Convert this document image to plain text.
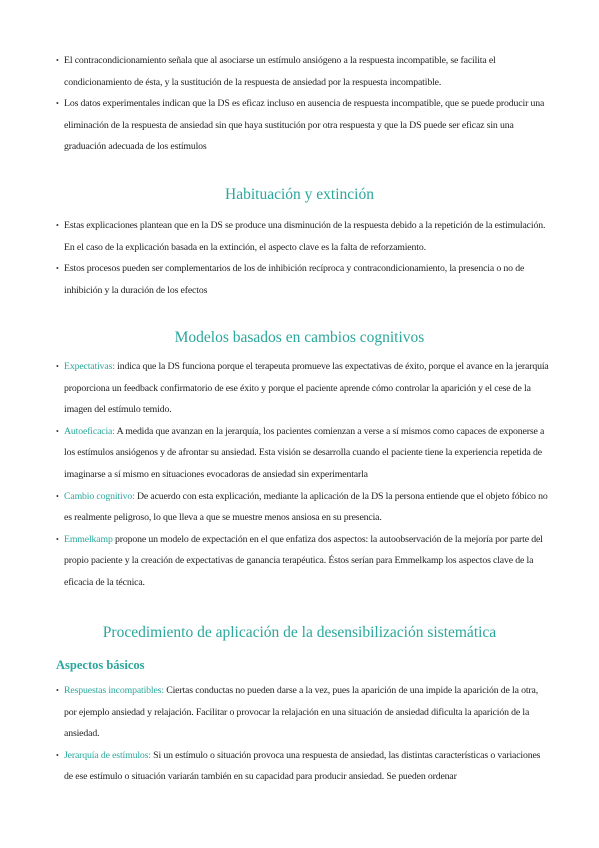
• El contracondicionamiento señala que al asociarse un estímulo ansiógeno a la respuesta incompatible, se facilita el condicionamiento de ésta, y la sustitución de la respuesta de ansiedad por la respuesta incompatible.
• Los datos experimentales indican que la DS es eficaz incluso en ausencia de respuesta incompatible, que se puede producir una eliminación de la respuesta de ansiedad sin que haya sustitución por otra respuesta y que la DS puede ser eficaz sin una graduación adecuada de los estímulos
Habituación y extinción
• Estas explicaciones plantean que en la DS se produce una disminución de la respuesta debido a la repetición de la estimulación. En el caso de la explicación basada en la extinción, el aspecto clave es la falta de reforzamiento.
• Estos procesos pueden ser complementarios de los de inhibición recíproca y contracondicionamiento, la presencia o no de inhibición y la duración de los efectos
Modelos basados en cambios cognitivos
• Expectativas: indica que la DS funciona porque el terapeuta promueve las expectativas de éxito, porque el avance en la jerarquía proporciona un feedback confirmatorio de ese éxito y porque el paciente aprende cómo controlar la aparición y el cese de la imagen del estímulo temido.
• Autoeficacia: A medida que avanzan en la jerarquía, los pacientes comienzan a verse a sí mismos como capaces de exponerse a los estímulos ansiógenos y de afrontar su ansiedad. Esta visión se desarrolla cuando el paciente tiene la experiencia repetida de imaginarse a sí mismo en situaciones evocadoras de ansiedad sin experimentarla
• Cambio cognitivo: De acuerdo con esta explicación, mediante la aplicación de la DS la persona entiende que el objeto fóbico no es realmente peligroso, lo que lleva a que se muestre menos ansiosa en su presencia.
• Emmelkamp propone un modelo de expectación en el que enfatiza dos aspectos: la autoobservación de la mejoría por parte del propio paciente y la creación de expectativas de ganancia terapéutica. Éstos serían para Emmelkamp los aspectos clave de la eficacia de la técnica.
Procedimiento de aplicación de la desensibilización sistemática
Aspectos básicos
• Respuestas incompatibles: Ciertas conductas no pueden darse a la vez, pues la aparición de una impide la aparición de la otra, por ejemplo ansiedad y relajación. Facilitar o provocar la relajación en una situación de ansiedad dificulta la aparición de la ansiedad.
• Jerarquía de estímulos: Si un estímulo o situación provoca una respuesta de ansiedad, las distintas características o variaciones de ese estímulo o situación variarán también en su capacidad para producir ansiedad. Se pueden ordenar
